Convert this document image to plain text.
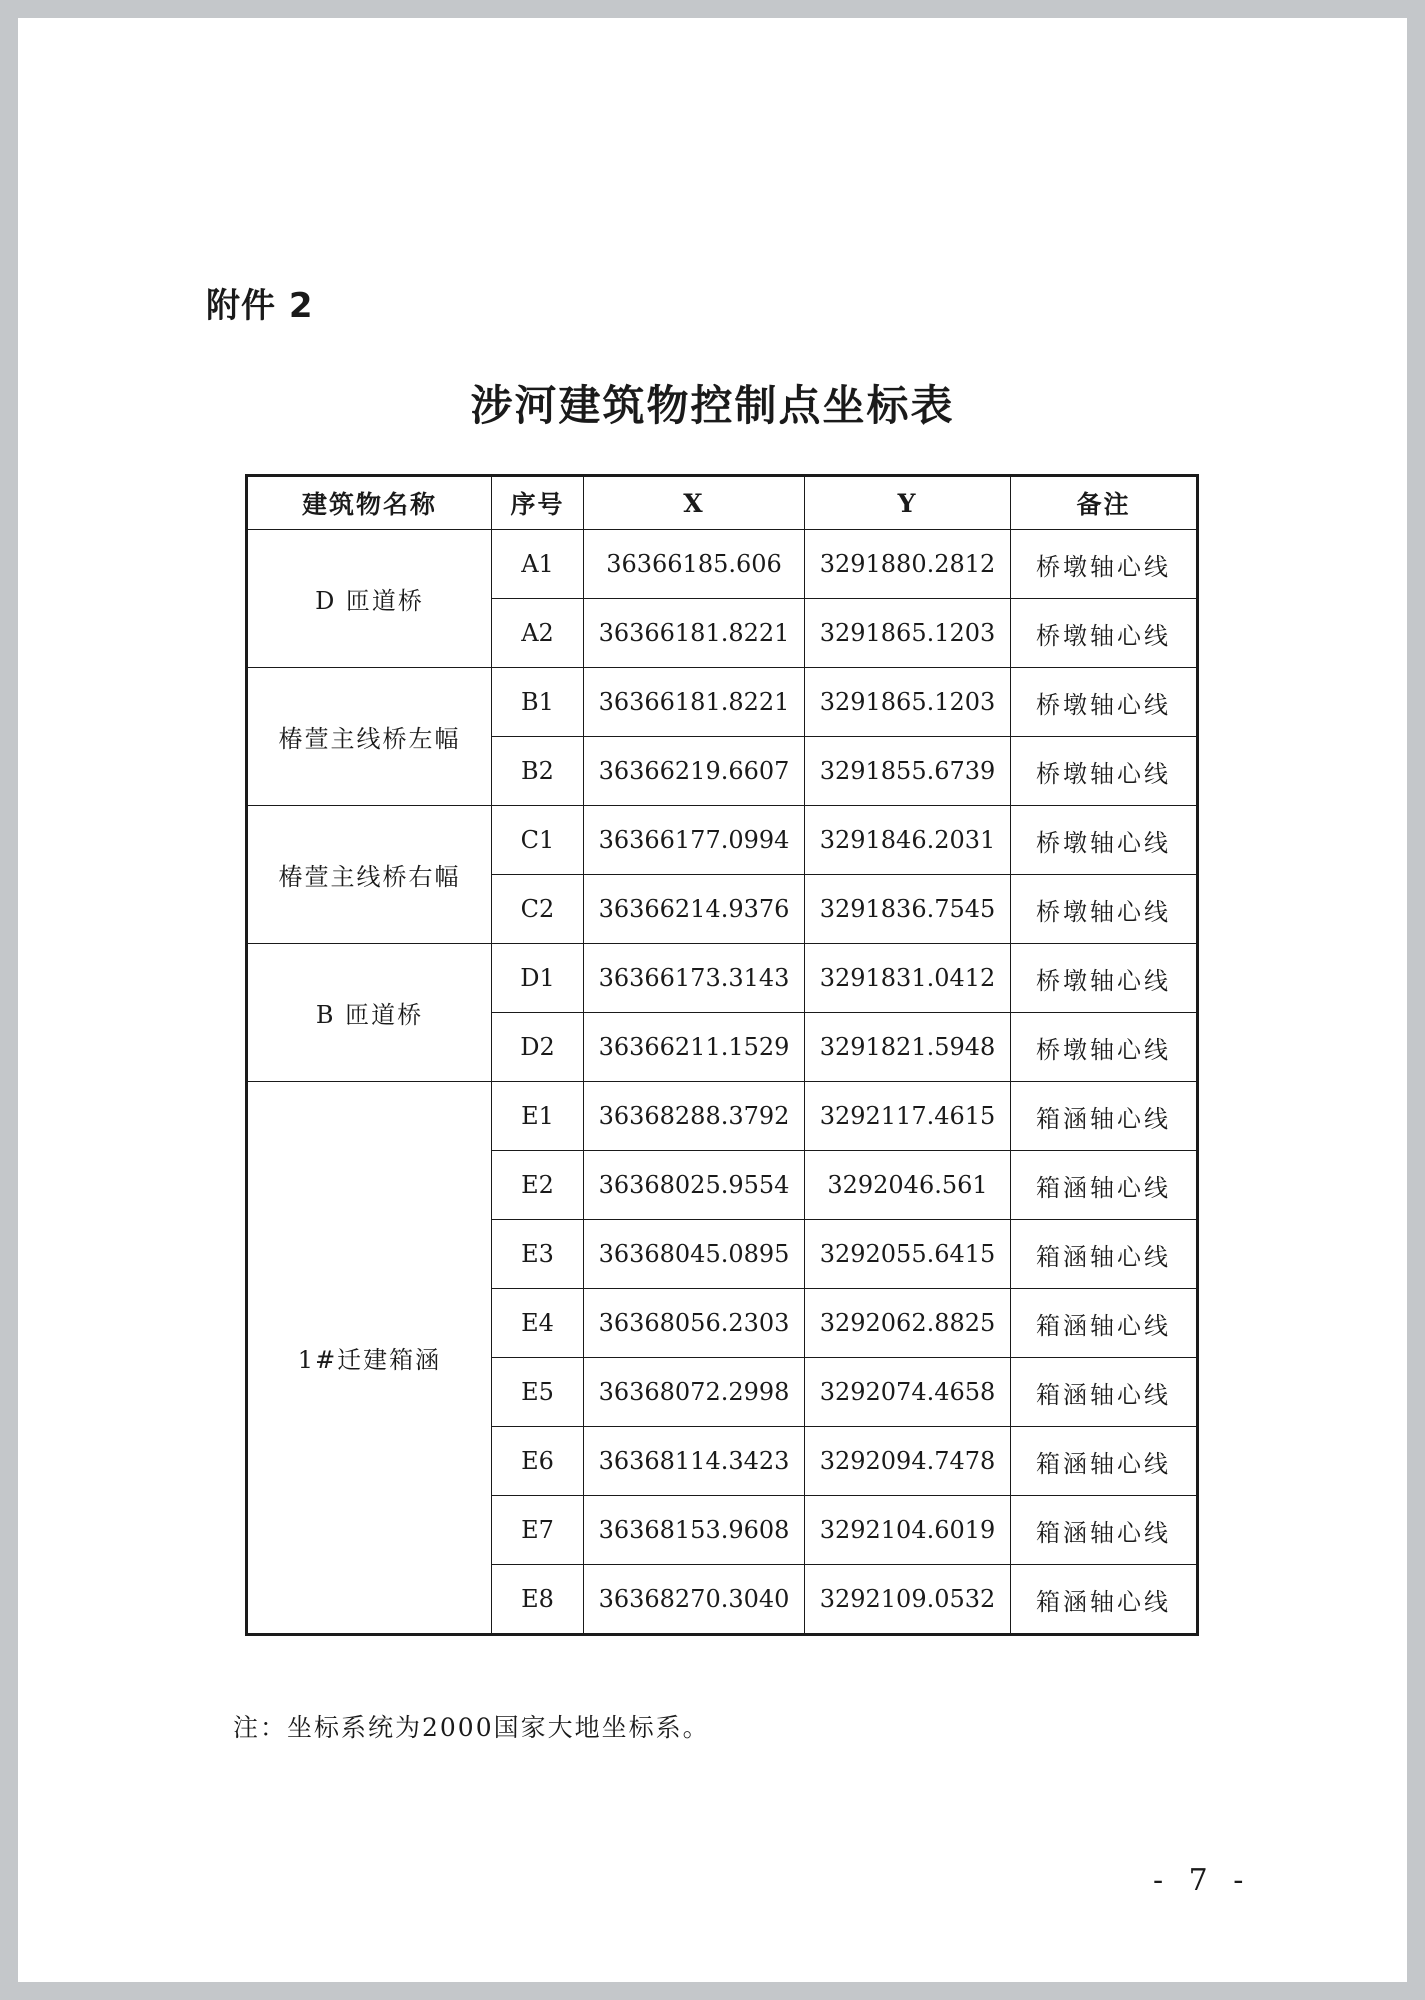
附件 2
涉河建筑物控制点坐标表
建筑物名称	序号	X	Y	备注
D 匝道桥	A1	36366185.606	3291880.2812	桥墩轴心线
	A2	36366181.8221	3291865.1203	桥墩轴心线
椿萱主线桥左幅	B1	36366181.8221	3291865.1203	桥墩轴心线
	B2	36366219.6607	3291855.6739	桥墩轴心线
椿萱主线桥右幅	C1	36366177.0994	3291846.2031	桥墩轴心线
	C2	36366214.9376	3291836.7545	桥墩轴心线
B 匝道桥	D1	36366173.3143	3291831.0412	桥墩轴心线
	D2	36366211.1529	3291821.5948	桥墩轴心线
1#迁建箱涵	E1	36368288.3792	3292117.4615	箱涵轴心线
	E2	36368025.9554	3292046.561	箱涵轴心线
	E3	36368045.0895	3292055.6415	箱涵轴心线
	E4	36368056.2303	3292062.8825	箱涵轴心线
	E5	36368072.2998	3292074.4658	箱涵轴心线
	E6	36368114.3423	3292094.7478	箱涵轴心线
	E7	36368153.9608	3292104.6019	箱涵轴心线
	E8	36368270.3040	3292109.0532	箱涵轴心线
注：坐标系统为2000国家大地坐标系。
- 7 -
